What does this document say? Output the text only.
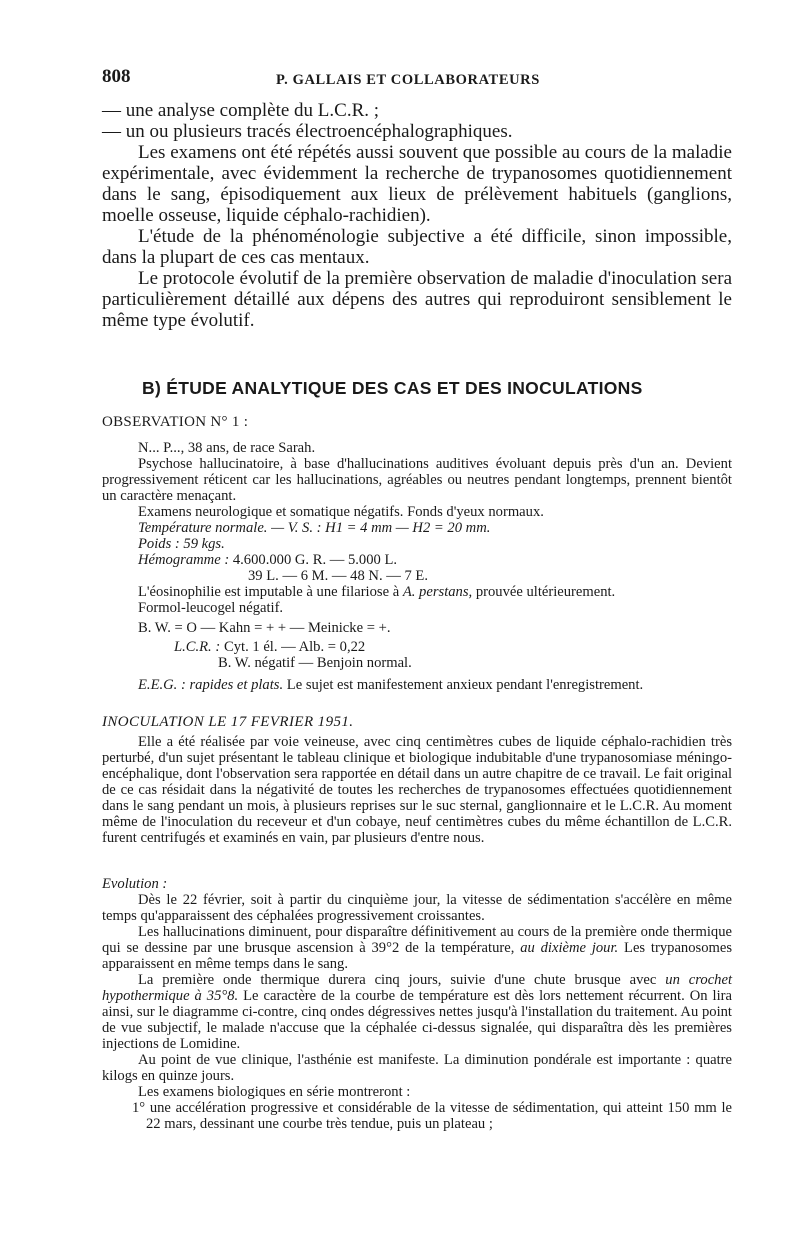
808	P. GALLAIS ET COLLABORATEURS

— une analyse complète du L.C.R. ;

— un ou plusieurs tracés électroencéphalographiques.

Les examens ont été répétés aussi souvent que possible au cours de la maladie expérimentale, avec évidemment la recherche de trypanosomes quotidiennement dans le sang, épisodiquement aux lieux de prélèvement habituels (ganglions, moelle osseuse, liquide céphalo-rachidien).

L'étude de la phénoménologie subjective a été difficile, sinon impossible, dans la plupart de ces cas mentaux.

Le protocole évolutif de la première observation de maladie d'inoculation sera particulièrement détaillé aux dépens des autres qui reproduiront sensiblement le même type évolutif.

B) ÉTUDE ANALYTIQUE DES CAS ET DES INOCULATIONS
OBSERVATION N° 1 :

N... P..., 38 ans, de race Sarah.

Psychose hallucinatoire, à base d'hallucinations auditives évoluant depuis près d'un an. Devient progressivement réticent car les hallucinations, agréables ou neutres pendant longtemps, prennent bientôt un caractère menaçant.

Examens neurologique et somatique négatifs. Fonds d'yeux normaux.

Température normale. — V. S. : H1 = 4 mm — H2 = 20 mm.

Poids : 59 kgs.

Hémogramme : 4.600.000 G. R. — 5.000 L.

39 L. — 6 M. — 48 N. — 7 E.

L'éosinophilie est imputable à une filariose à A. perstans, prouvée ultérieurement.

Formol-leucogel négatif.

B. W. = O — Kahn = + + — Meinicke = +.

L.C.R. : Cyt. 1 él. — Alb. = 0,22

B. W. négatif — Benjoin normal.

E.E.G. : rapides et plats. Le sujet est manifestement anxieux pendant l'enregistrement.

INOCULATION LE 17 FEVRIER 1951.

Elle a été réalisée par voie veineuse, avec cinq centimètres cubes de liquide céphalo-rachidien très perturbé, d'un sujet présentant le tableau clinique et biologique indubitable d'une trypanosomiase méningo-encéphalique, dont l'observation sera rapportée en détail dans un autre chapitre de ce travail. Le fait original de ce cas résidait dans la négativité de toutes les recherches de trypanosomes effectuées quotidiennement dans le sang pendant un mois, à plusieurs reprises sur le suc sternal, ganglionnaire et le L.C.R. Au moment même de l'inoculation du receveur et d'un cobaye, neuf centimètres cubes du même échantillon de L.C.R. furent centrifugés et examinés en vain, par plusieurs d'entre nous.

Evolution :

Dès le 22 février, soit à partir du cinquième jour, la vitesse de sédimentation s'accélère en même temps qu'apparaissent des céphalées progressivement croissantes.

Les hallucinations diminuent, pour disparaître définitivement au cours de la première onde thermique qui se dessine par une brusque ascension à 39°2 de la température, au dixième jour. Les trypanosomes apparaissent en même temps dans le sang.

La première onde thermique durera cinq jours, suivie d'une chute brusque avec un crochet hypothermique à 35°8. Le caractère de la courbe de température est dès lors nettement récurrent. On lira ainsi, sur le diagramme ci-contre, cinq ondes dégressives nettes jusqu'à l'installation du traitement. Au point de vue subjectif, le malade n'accuse que la céphalée ci-dessus signalée, qui disparaîtra dès les premières injections de Lomidine.

Au point de vue clinique, l'asthénie est manifeste. La diminution pondérale est importante : quatre kilogs en quinze jours.

Les examens biologiques en série montreront :

1° une accélération progressive et considérable de la vitesse de sédimentation, qui atteint 150 mm le 22 mars, dessinant une courbe très tendue, puis un plateau ;
